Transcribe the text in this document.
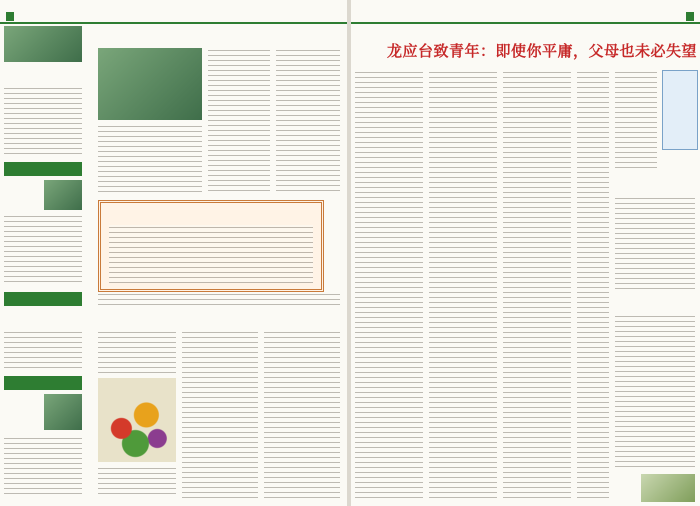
龙应台致青年：即使你平庸，父母也未必失望
